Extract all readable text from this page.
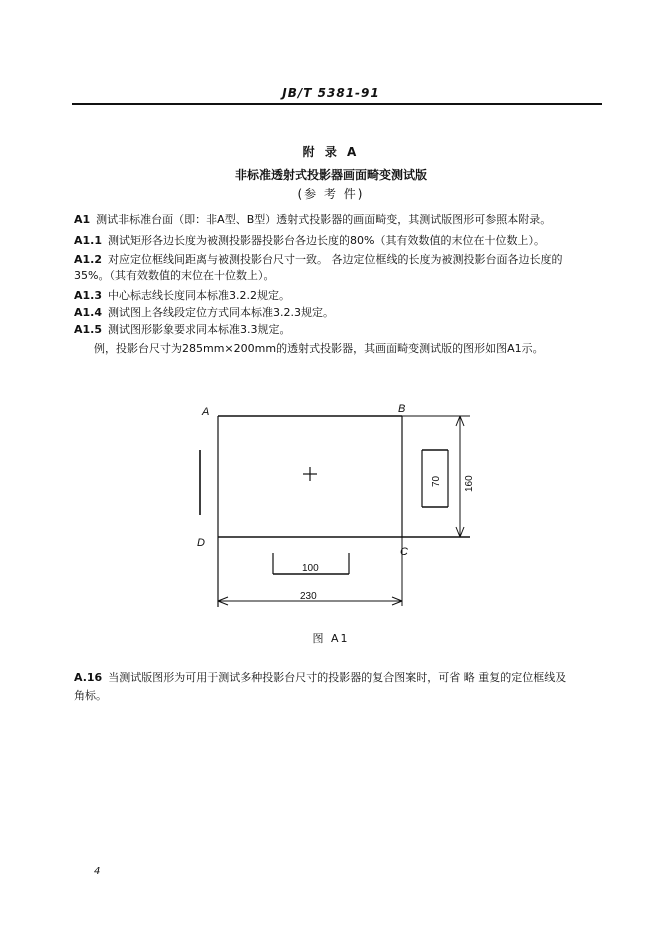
JB/T 5381-91
附 录 A
非标准透射式投影器画面畸变测试版
(参 考 件)
A1 测试非标准台面（即：非A型、B型）透射式投影器的画面畸变，其测试版图形可参照本附录。
A1.1 测试矩形各边长度为被测投影器投影台各边长度的80%（其有效数值的末位在十位数上）。
A1.2 对应定位框线间距离与被测投影台尺寸一致。 各边定位框线的长度为被测投影台面各边长度的
35%。（其有效数值的末位在十位数上）。
A1.3 中心标志线长度同本标准3.2.2规定。
A1.4 测试图上各线段定位方式同本标准3.2.3规定。
A1.5 测试图形影象要求同本标准3.3规定。
例，投影台尺寸为285mm×200mm的透射式投影器，其画面畸变测试版的图形如图A1示。
A	B
C
D
70 160
100
230
图 A1
A.16 当测试版图形为可用于测试多种投影台尺寸的投影器的复合图案时，可省 略 重复的定位框线及
角标。
4
